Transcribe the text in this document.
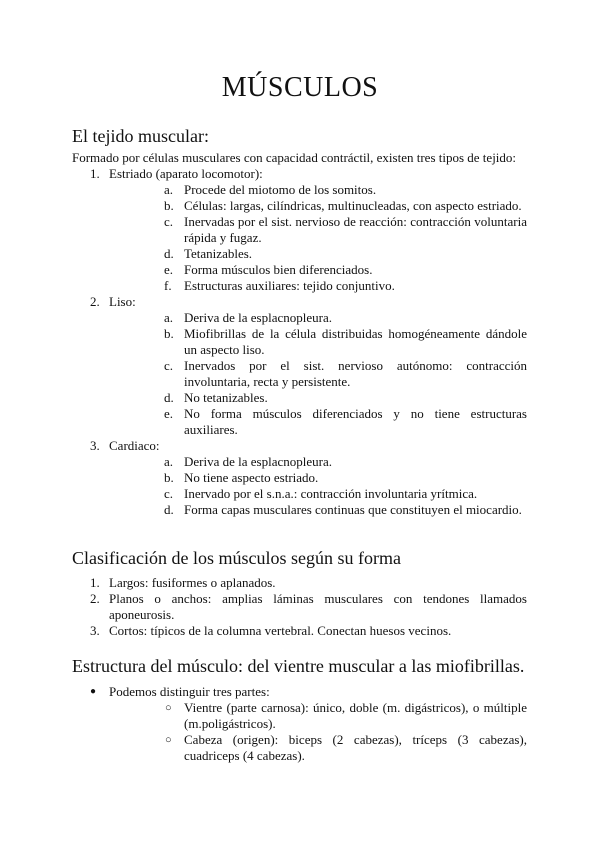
MÚSCULOS
El tejido muscular:

Formado por células musculares con capacidad contráctil, existen tres tipos de tejido:

1. Estriado (aparato locomotor):
a. Procede del miotomo de los somitos.
b. Células: largas, cilíndricas, multinucleadas, con aspecto estriado.
c. Inervadas por el sist. nervioso de reacción: contracción voluntaria rápida y fugaz.
d. Tetanizables.
e. Forma músculos bien diferenciados.
f. Estructuras auxiliares: tejido conjuntivo.
2. Liso:
a. Deriva de la esplacnopleura.
b. Miofibrillas de la célula distribuidas homogéneamente dándole un aspecto liso.
c. Inervados por el sist. nervioso autónomo: contracción involuntaria, recta y persistente.
d. No tetanizables.
e. No forma músculos diferenciados y no tiene estructuras auxiliares.
3. Cardiaco:
a. Deriva de la esplacnopleura.
b. No tiene aspecto estriado.
c. Inervado por el s.n.a.: contracción involuntaria yrítmica.
d. Forma capas musculares continuas que constituyen el miocardio.
Clasificación de los músculos según su forma
1. Largos: fusiformes o aplanados.
2. Planos o anchos: amplias láminas musculares con tendones llamados aponeurosis.
3. Cortos: típicos de la columna vertebral. Conectan huesos vecinos.
Estructura del músculo: del vientre muscular a las miofibrillas.
● Podemos distinguir tres partes:
○ Vientre (parte carnosa): único, doble (m. digástricos), o múltiple (m.poligástricos).
○ Cabeza (origen): biceps (2 cabezas), tríceps (3 cabezas), cuadriceps (4 cabezas).
